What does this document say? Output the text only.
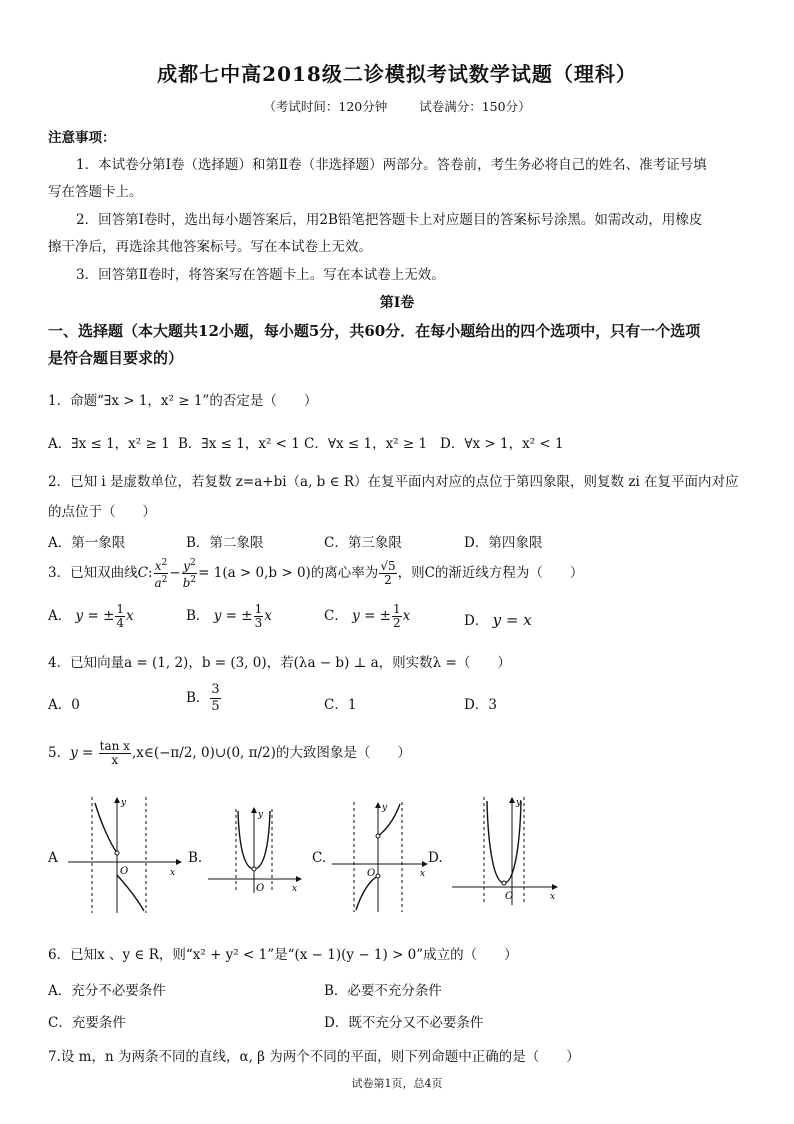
成都七中高2018级二诊模拟考试数学试题（理科）
（考试时间：120分钟	试卷满分：150分）
注意事项：
1．本试卷分第Ⅰ卷（选择题）和第Ⅱ卷（非选择题）两部分。答卷前，考生务必将自己的姓名、准考证号填
写在答题卡上。
2．回答第Ⅰ卷时，选出每小题答案后，用2B铅笔把答题卡上对应题目的答案标号涂黑。如需改动，用橡皮
擦干净后，再选涂其他答案标号。写在本试卷上无效。
3．回答第Ⅱ卷时，将答案写在答题卡上。写在本试卷上无效。
第Ⅰ卷
一、选择题（本大题共12小题，每小题5分，共60分．在每小题给出的四个选项中，只有一个选项
是符合题目要求的）
1．命题“∃x > 1，x² ≥ 1”的否定是（　　）
A．∃x ≤ 1，x² ≥ 1 B．∃x ≤ 1，x² < 1 C．∀x ≤ 1，x² ≥ 1 D．∀x > 1，x² < 1
2．已知 i 是虚数单位，若复数 z=a+bi（a, b ∈ R）在复平面内对应的点位于第四象限，则复数 zi 在复平面内对应
的点位于（　　）
A．第一象限	B．第二象限	C．第三象限	D．第四象限
3．已知双曲线C: $\frac{x^2}{a^2} - \frac{y^2}{b^2} = 1(a > 0,b > 0)$的离心率为 $\frac{√5}{2}$ ，则C的渐近线方程为（　　）
A． y = ± $\frac{1}{4}$ x	B． y = ± $\frac{1}{3}$ x	C． y = ± $\frac{1}{2}$ x	D． y = x
4．已知向量a = (1, 2)，b = (3, 0)，若(λa − b) ⊥ a，则实数λ =（　　）
A．0	B． $\frac{3}{5}$	C．1	D．3
5．$y = \frac{\text{tan x}}{x}$ ,x∈(−π/2, 0)∪(0, π/2)的大致图象是（　　）
A
y
x
O
B.
y
x
O
C.
y
x
O
D.
y
x
O
6．已知x 、y ∈ R，则“x² + y² < 1”是“(x − 1)(y − 1) > 0”成立的（　　）
A．充分不必要条件	B．必要不充分条件
C．充要条件	D．既不充分又不必要条件
7.设 m，n 为两条不同的直线，α, β 为两个不同的平面，则下列命题中正确的是（　　）
试卷第1页，总4页
